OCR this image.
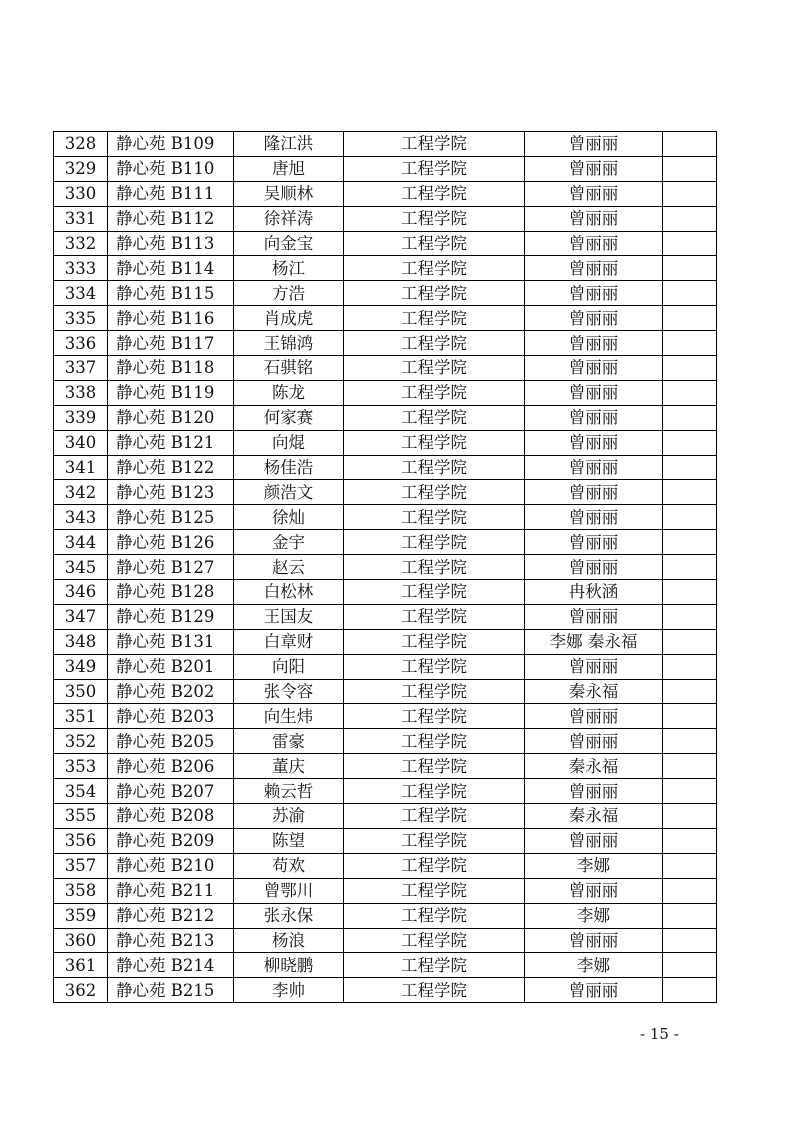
328	静心苑 B109	隆江洪	工程学院	曾丽丽	
329	静心苑 B110	唐旭	工程学院	曾丽丽	
330	静心苑 B111	吴顺林	工程学院	曾丽丽	
331	静心苑 B112	徐祥涛	工程学院	曾丽丽	
332	静心苑 B113	向金宝	工程学院	曾丽丽	
333	静心苑 B114	杨江	工程学院	曾丽丽	
334	静心苑 B115	方浩	工程学院	曾丽丽	
335	静心苑 B116	肖成虎	工程学院	曾丽丽	
336	静心苑 B117	王锦鸿	工程学院	曾丽丽	
337	静心苑 B118	石骐铭	工程学院	曾丽丽	
338	静心苑 B119	陈龙	工程学院	曾丽丽	
339	静心苑 B120	何家赛	工程学院	曾丽丽	
340	静心苑 B121	向焜	工程学院	曾丽丽	
341	静心苑 B122	杨佳浩	工程学院	曾丽丽	
342	静心苑 B123	颜浩文	工程学院	曾丽丽	
343	静心苑 B125	徐灿	工程学院	曾丽丽	
344	静心苑 B126	金宇	工程学院	曾丽丽	
345	静心苑 B127	赵云	工程学院	曾丽丽	
346	静心苑 B128	白松林	工程学院	冉秋涵	
347	静心苑 B129	王国友	工程学院	曾丽丽	
348	静心苑 B131	白章财	工程学院	李娜 秦永福	
349	静心苑 B201	向阳	工程学院	曾丽丽	
350	静心苑 B202	张令容	工程学院	秦永福	
351	静心苑 B203	向生炜	工程学院	曾丽丽	
352	静心苑 B205	雷豪	工程学院	曾丽丽	
353	静心苑 B206	董庆	工程学院	秦永福	
354	静心苑 B207	赖云哲	工程学院	曾丽丽	
355	静心苑 B208	苏渝	工程学院	秦永福	
356	静心苑 B209	陈望	工程学院	曾丽丽	
357	静心苑 B210	苟欢	工程学院	李娜	
358	静心苑 B211	曾鄂川	工程学院	曾丽丽	
359	静心苑 B212	张永保	工程学院	李娜	
360	静心苑 B213	杨浪	工程学院	曾丽丽	
361	静心苑 B214	柳晓鹏	工程学院	李娜	
362	静心苑 B215	李帅	工程学院	曾丽丽	
- 15 -
